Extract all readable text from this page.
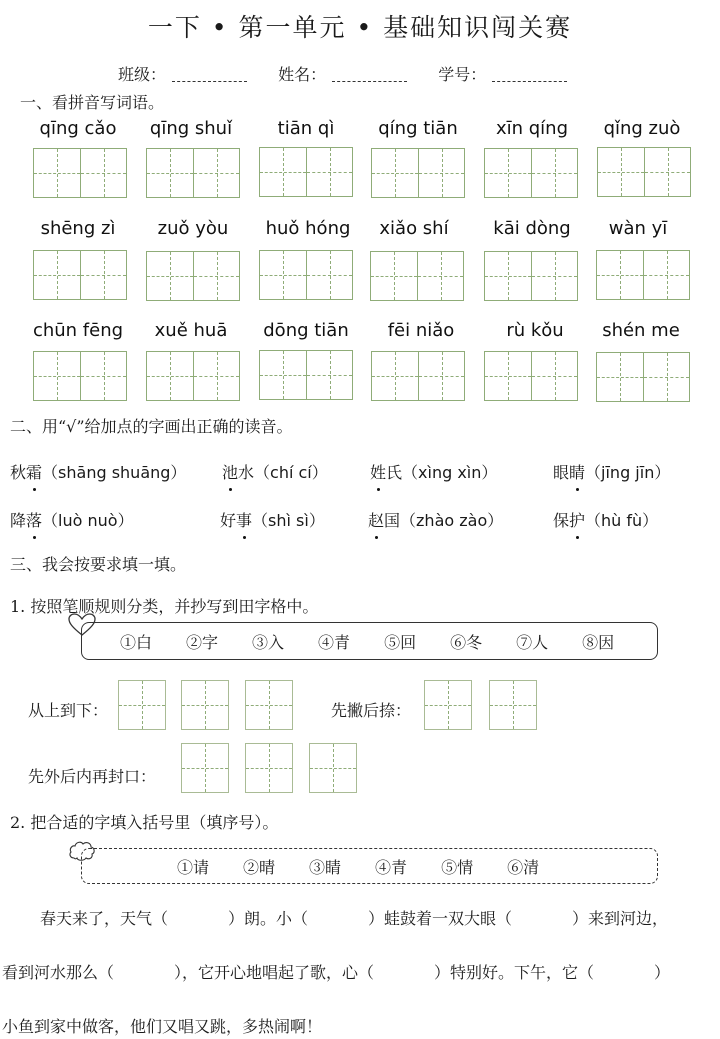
一下 • 第一单元 • 基础知识闯关赛
班级：	姓名：	学号：
一、看拼音写词语。
qīng cǎo	qīng shuǐ	tiān qì	qíng tiān	xīn qíng	qǐng zuò
shēng zì	zuǒ yòu	huǒ hóng	xiǎo shí	kāi dòng	wàn yī
chūn fēng	xuě huā	dōng tiān	fēi niǎo	rù kǒu	shén me
二、用“√”给加点的字画出正确的读音。
秋霜（shāng shuāng） 池水（chí cí）	姓氏（xìng xìn）	眼睛（jīng jīn）
降落（luò nuò）	好事（shì sì）	赵国（zhào zào）	保护（hù fù）
三、我会按要求填一填。
1. 按照笔顺规则分类，并抄写到田字格中。
①白 ②字 ③入 ④青 ⑤回 ⑥冬 ⑦人 ⑧因
从上到下：	先撇后捺：
先外后内再封口：
2. 把合适的字填入括号里（填序号）。
①请 ②晴 ③睛 ④青 ⑤情 ⑥清
春天来了，天气（	）朗。小（	）蛙鼓着一双大眼（	）来到河边，
看到河水那么（	），它开心地唱起了歌，心（	）特别好。下午，它（	）
小鱼到家中做客，他们又唱又跳，多热闹啊！
